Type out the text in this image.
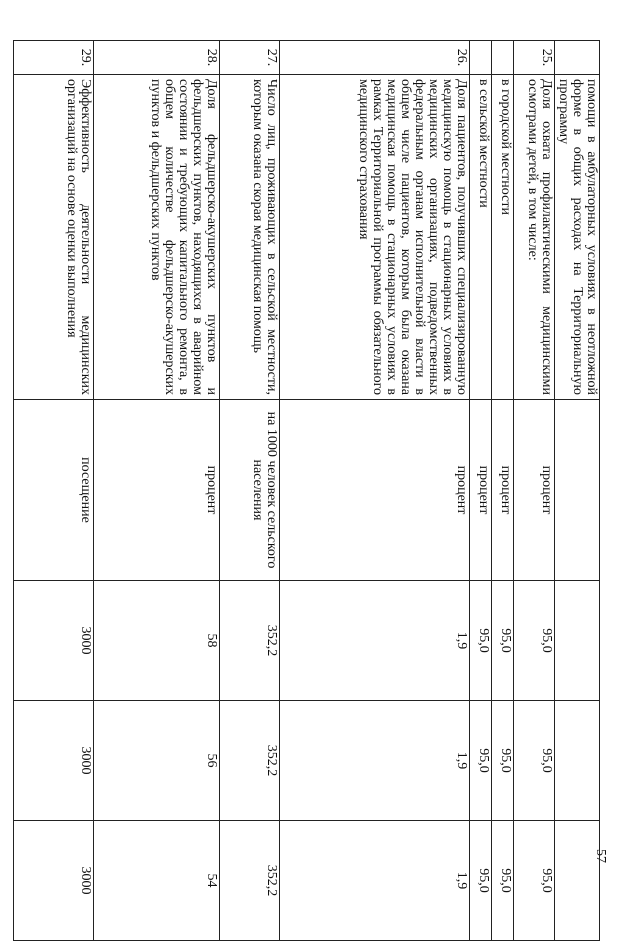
57
	помощи в амбулаторных условиях в неотложной форме в общих расходах на Территориальную программу				
25.	Доля охвата профилактическими медицинскими осмотрами детей, в том числе:	процент	95,0	95,0	95,0
	в городской местности	процент	95,0	95,0	95,0
	в сельской местности	процент	95,0	95,0	95,0
26.	Доля пациентов, получивших специализированную медицинскую помощь в стационарных условиях в медицинских организациях, подведомственных федеральным органам исполнительной власти в общем числе пациентов, которым была оказана медицинская помощь в стационарных условиях в рамках Территориальной программы обязательного медицинского страхования	процент	1,9	1,9	1,9
27.	Число лиц, проживающих в сельской местности, которым оказана скорая медицинская помощь	на 1000 человек сельского населения	352,2	352,2	352,2
28.	Доля фельдшерско-акушерских пунктов и фельдшерских пунктов, находящихся в аварийном состоянии и требующих капитального ремонта, в общем количестве фельдшерско-акушерских пунктов и фельдшерских пунктов	процент	58	56	54
29.	Эффективность деятельности медицинских организаций на основе оценки выполнения	посещение	3000	3000	3000
